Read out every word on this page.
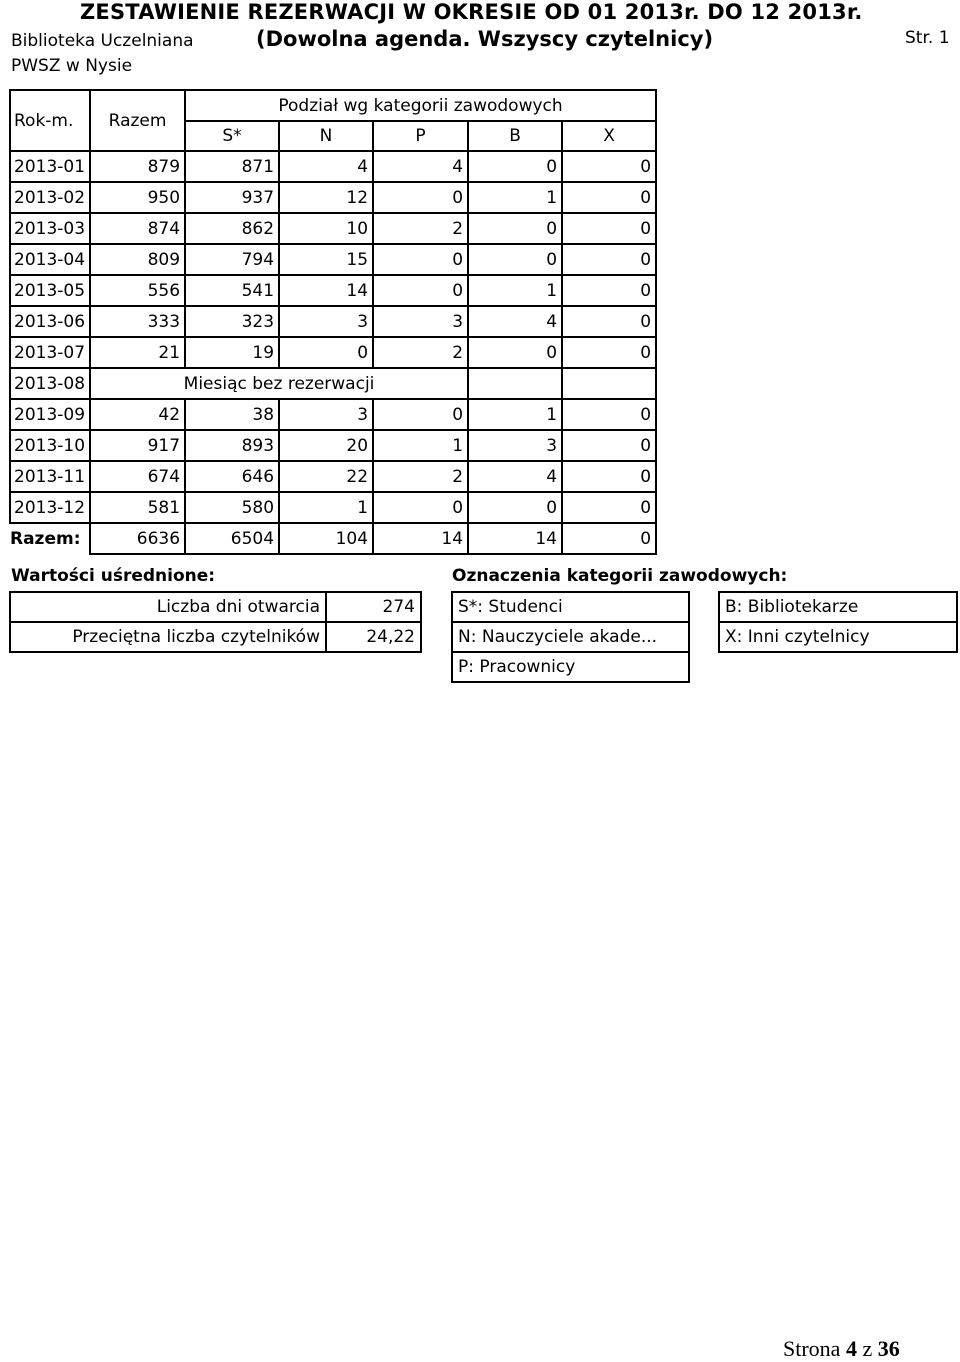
ZESTAWIENIE REZERWACJI W OKRESIE OD 01 2013r. DO 12 2013r.
(Dowolna agenda. Wszyscy czytelnicy)
Biblioteka Uczelniana
PWSZ w Nysie
Str. 1
Rok-m.	Razem	Podział wg kategorii zawodowych				
		S*	N	P	B	X
2013-01	879	871	4	4	0	0
2013-02	950	937	12	0	1	0
2013-03	874	862	10	2	0	0
2013-04	809	794	15	0	0	0
2013-05	556	541	14	0	1	0
2013-06	333	323	3	3	4	0
2013-07	21	19	0	2	0	0
2013-08	Miesiąc bez rezerwacji					
2013-09	42	38	3	0	1	0
2013-10	917	893	20	1	3	0
2013-11	674	646	22	2	4	0
2013-12	581	580	1	0	0	0
Razem:	6636	6504	104	14	14	0
Wartości uśrednione:
Liczba dni otwarcia	274
Przeciętna liczba czytelników	24,22
Oznaczenia kategorii zawodowych:
S*: Studenci
N: Nauczyciele akade...
P: Pracownicy
B: Bibliotekarze
X: Inni czytelnicy
Strona 4 z 36
